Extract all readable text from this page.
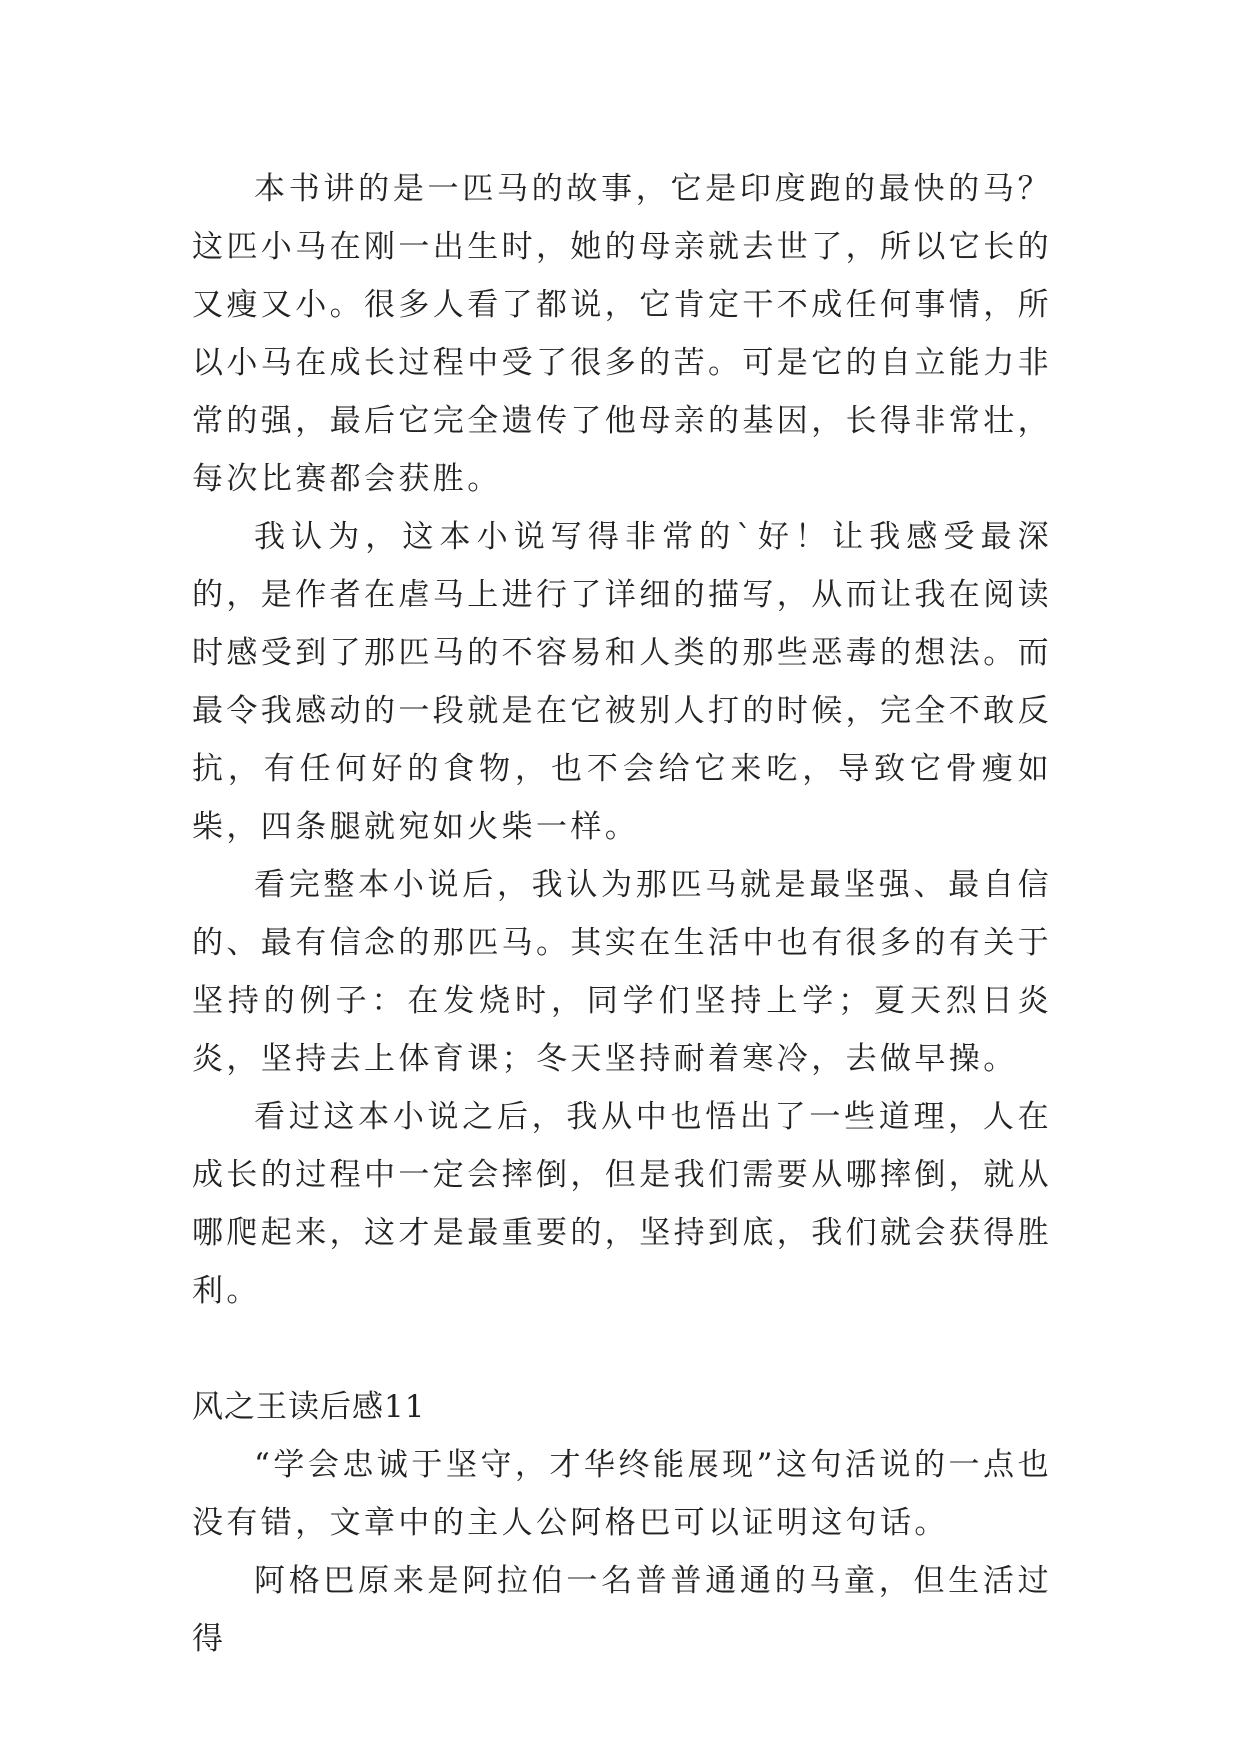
本书讲的是一匹马的故事，它是印度跑的最快的马？这匹小马在刚一出生时，她的母亲就去世了，所以它长的又瘦又小。很多人看了都说，它肯定干不成任何事情，所以小马在成长过程中受了很多的苦。可是它的自立能力非常的强，最后它完全遗传了他母亲的基因，长得非常壮，每次比赛都会获胜。

我认为，这本小说写得非常的`好！让我感受最深的，是作者在虐马上进行了详细的描写，从而让我在阅读时感受到了那匹马的不容易和人类的那些恶毒的想法。而最令我感动的一段就是在它被别人打的时候，完全不敢反抗，有任何好的食物，也不会给它来吃，导致它骨瘦如柴，四条腿就宛如火柴一样。

看完整本小说后，我认为那匹马就是最坚强、最自信的、最有信念的那匹马。其实在生活中也有很多的有关于坚持的例子：在发烧时，同学们坚持上学；夏天烈日炎炎，坚持去上体育课；冬天坚持耐着寒冷，去做早操。

看过这本小说之后，我从中也悟出了一些道理，人在成长的过程中一定会摔倒，但是我们需要从哪摔倒，就从哪爬起来，这才是最重要的，坚持到底，我们就会获得胜利。

风之王读后感11

“学会忠诚于坚守，才华终能展现”这句活说的一点也没有错，文章中的主人公阿格巴可以证明这句话。

阿格巴原来是阿拉伯一名普普通通的马童，但生活过得
